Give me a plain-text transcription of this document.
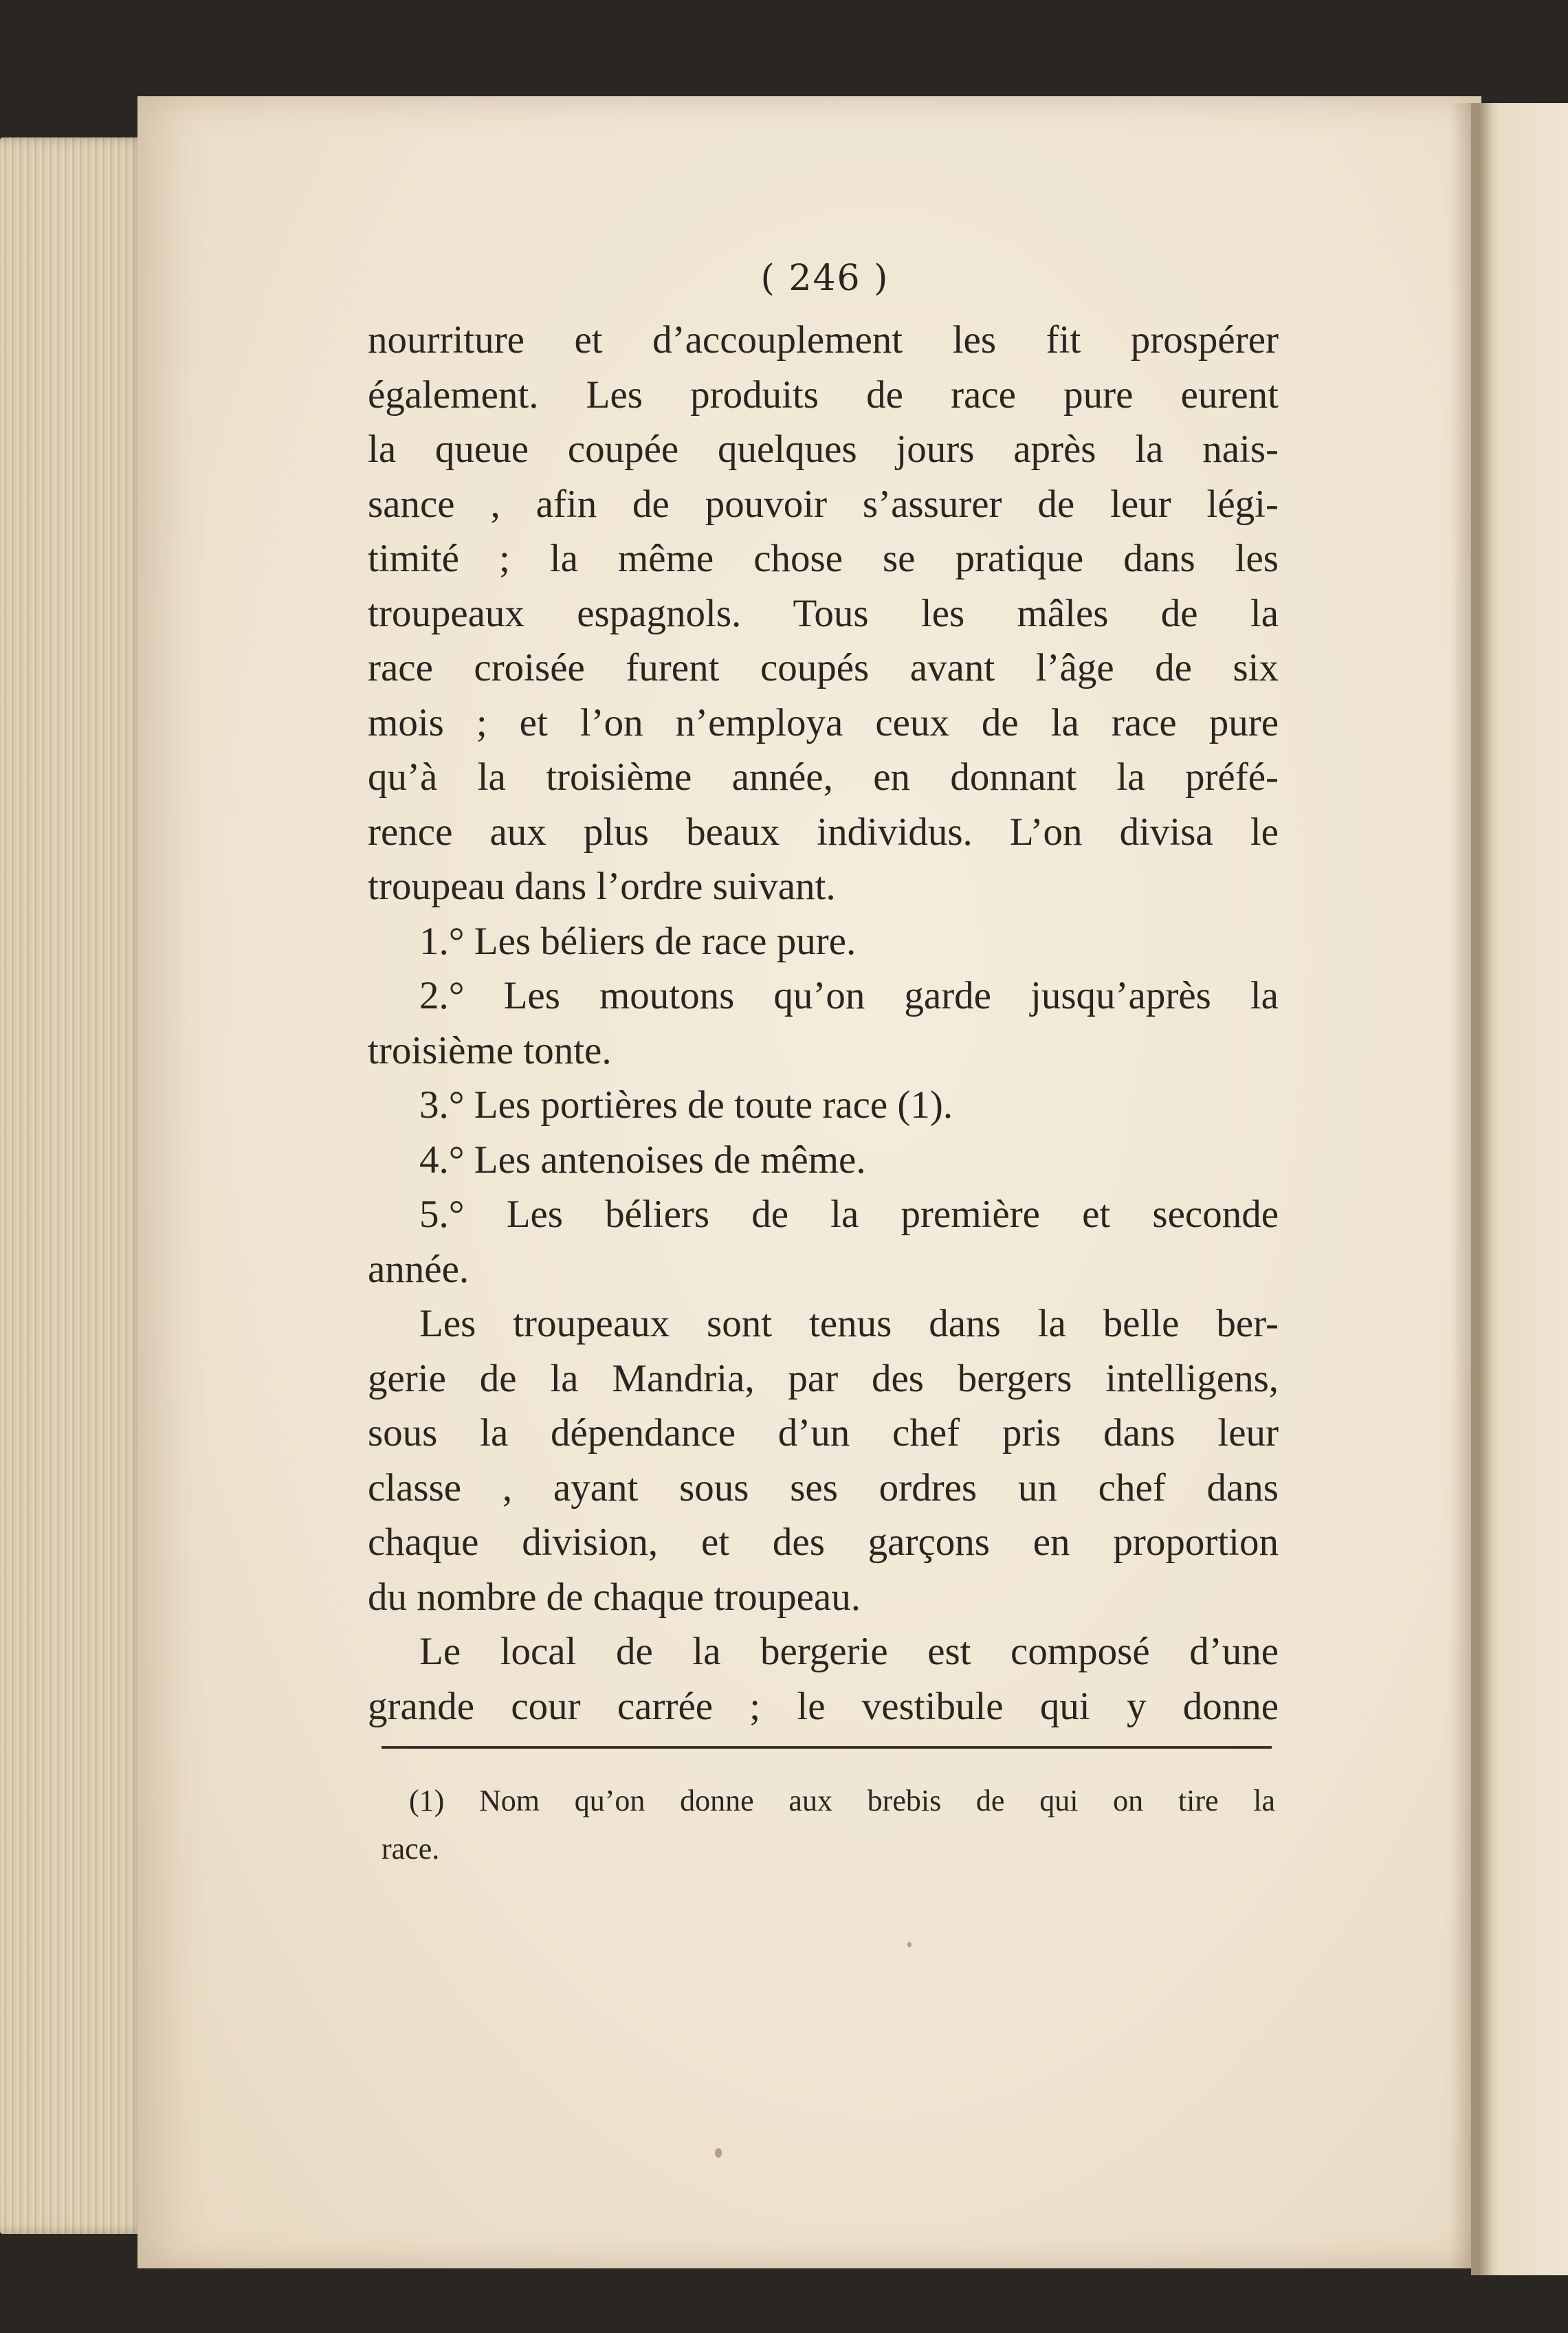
( 246 )
nourriture et d’accouplement les fit prospérer
également. Les produits de race pure eurent
la queue coupée quelques jours après la nais-
sance , afin de pouvoir s’assurer de leur légi-
timité ; la même chose se pratique dans les
troupeaux espagnols. Tous les mâles de la
race croisée furent coupés avant l’âge de six
mois ; et l’on n’employa ceux de la race pure
qu’à la troisième année, en donnant la préfé-
rence aux plus beaux individus. L’on divisa le
troupeau dans l’ordre suivant.
1.° Les béliers de race pure.
2.° Les moutons qu’on garde jusqu’après la
troisième tonte.
3.° Les portières de toute race (1).
4.° Les antenoises de même.
5.° Les béliers de la première et seconde
année.
Les troupeaux sont tenus dans la belle ber-
gerie de la Mandria, par des bergers intelligens,
sous la dépendance d’un chef pris dans leur
classe , ayant sous ses ordres un chef dans
chaque division, et des garçons en proportion
du nombre de chaque troupeau.
Le local de la bergerie est composé d’une
grande cour carrée ; le vestibule qui y donne
(1) Nom qu’on donne aux brebis de qui on tire la
race.
